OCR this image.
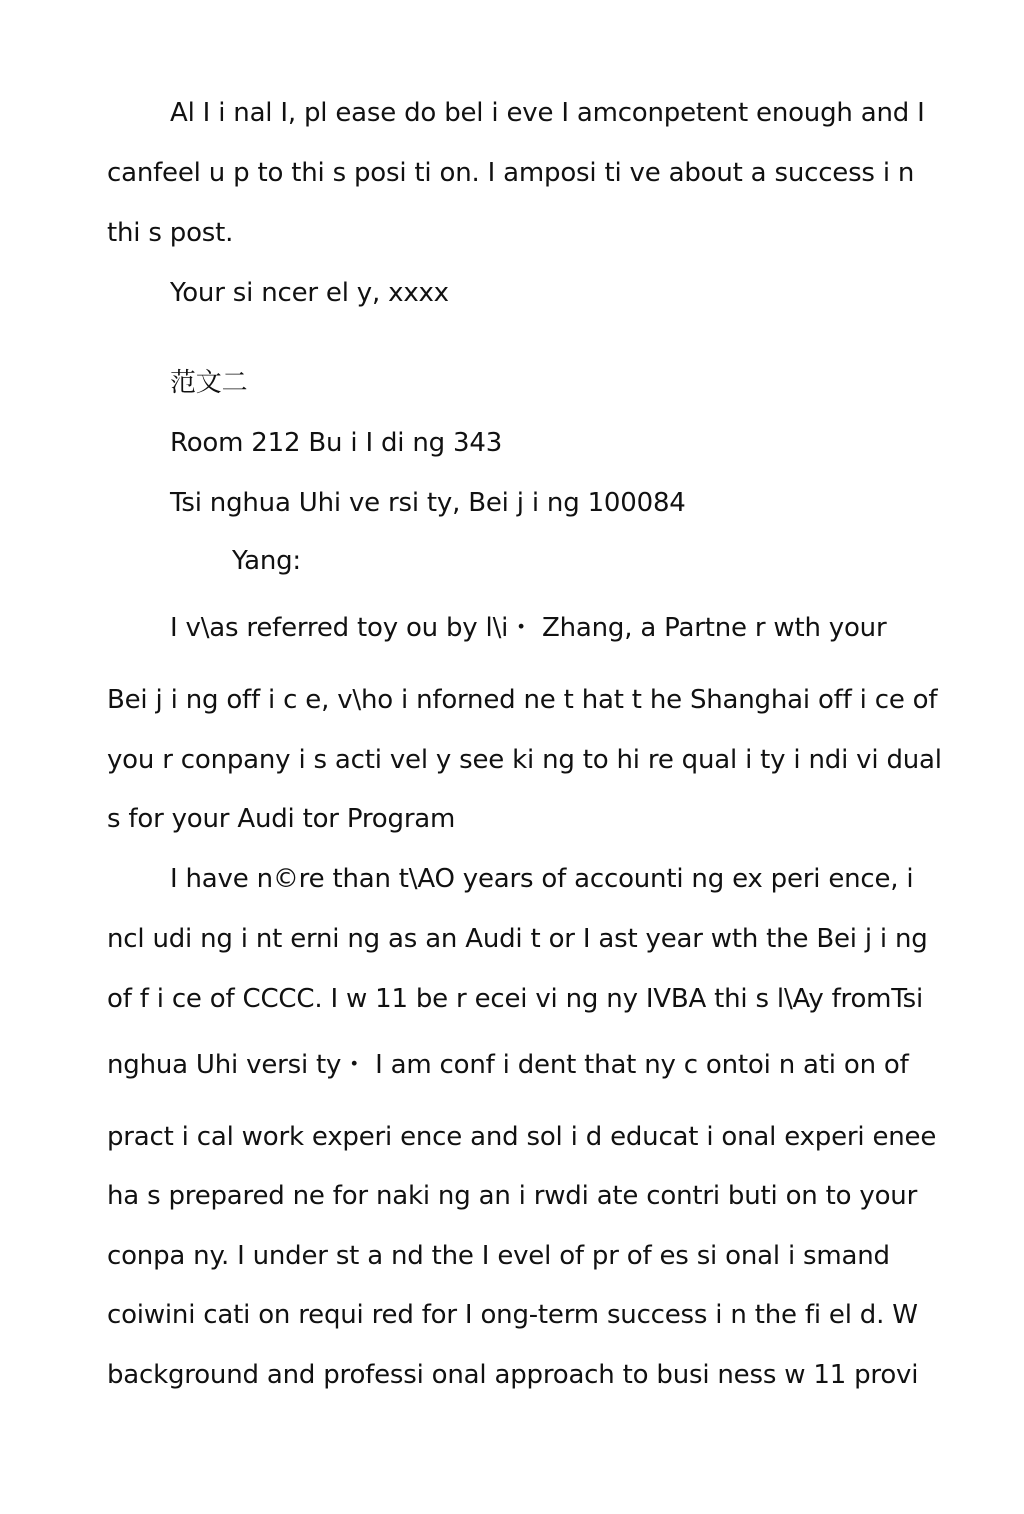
Al I i nal I, pl ease do bel i eve I amconpetent enough and I
canfeel u p to thi s posi ti on. I amposi ti ve about a success i n
thi s post.
Your si ncer el y, xxxx
范文二
Room 212 Bu i I di ng 343
Tsi nghua Uhi ve rsi ty, Bei j i ng 100084
Yang:
I v\as referred toy ou by l\i・ Zhang, a Partne r wth your
Bei j i ng off i c e, v\ho i nforned ne t hat t he Shanghai off i ce of
you r conpany i s acti vel y see ki ng to hi re qual i ty i ndi vi dual
s for your Audi tor Program
I have n©re than t\AO years of accounti ng ex peri ence, i
ncl udi ng i nt erni ng as an Audi t or I ast year wth the Bei j i ng
of f i ce of CCCC. I w 11 be r ecei vi ng ny IVBA thi s l\Ay fromTsi
nghua Uhi versi ty・ I am conf i dent that ny c ontoi n ati on of
pract i cal work experi ence and sol i d educat i onal experi enee
ha s prepared ne for naki ng an i rwdi ate contri buti on to your
conpa ny. I under st a nd the I evel of pr of es si onal i smand
coiwini cati on requi red for I ong-term success i n the fi el d. W
background and professi onal approach to busi ness w 11 provi
